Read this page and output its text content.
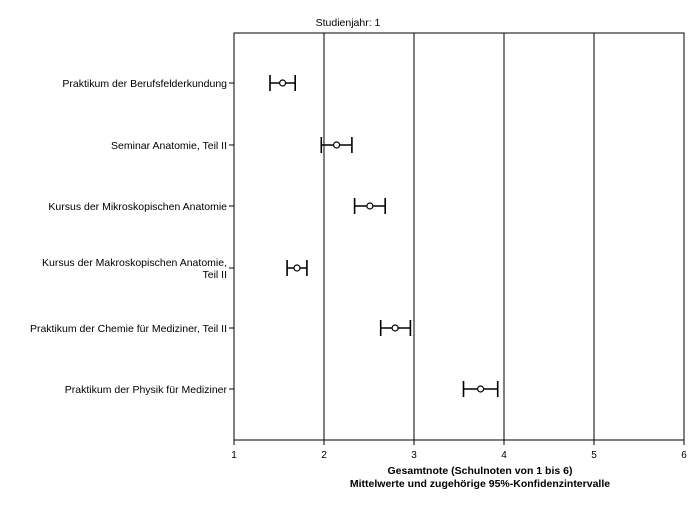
Studienjahr: 1
1	2	3	4	5	6
Praktikum der Berufsfelderkundung
Seminar Anatomie, Teil II
Kursus der Mikroskopischen Anatomie
Kursus der Makroskopischen Anatomie, Teil II
Praktikum der Chemie für Mediziner, Teil II
Praktikum der Physik für Mediziner
Gesamtnote (Schulnoten von 1 bis 6)
Mittelwerte und zugehörige 95%-Konfidenzintervalle
